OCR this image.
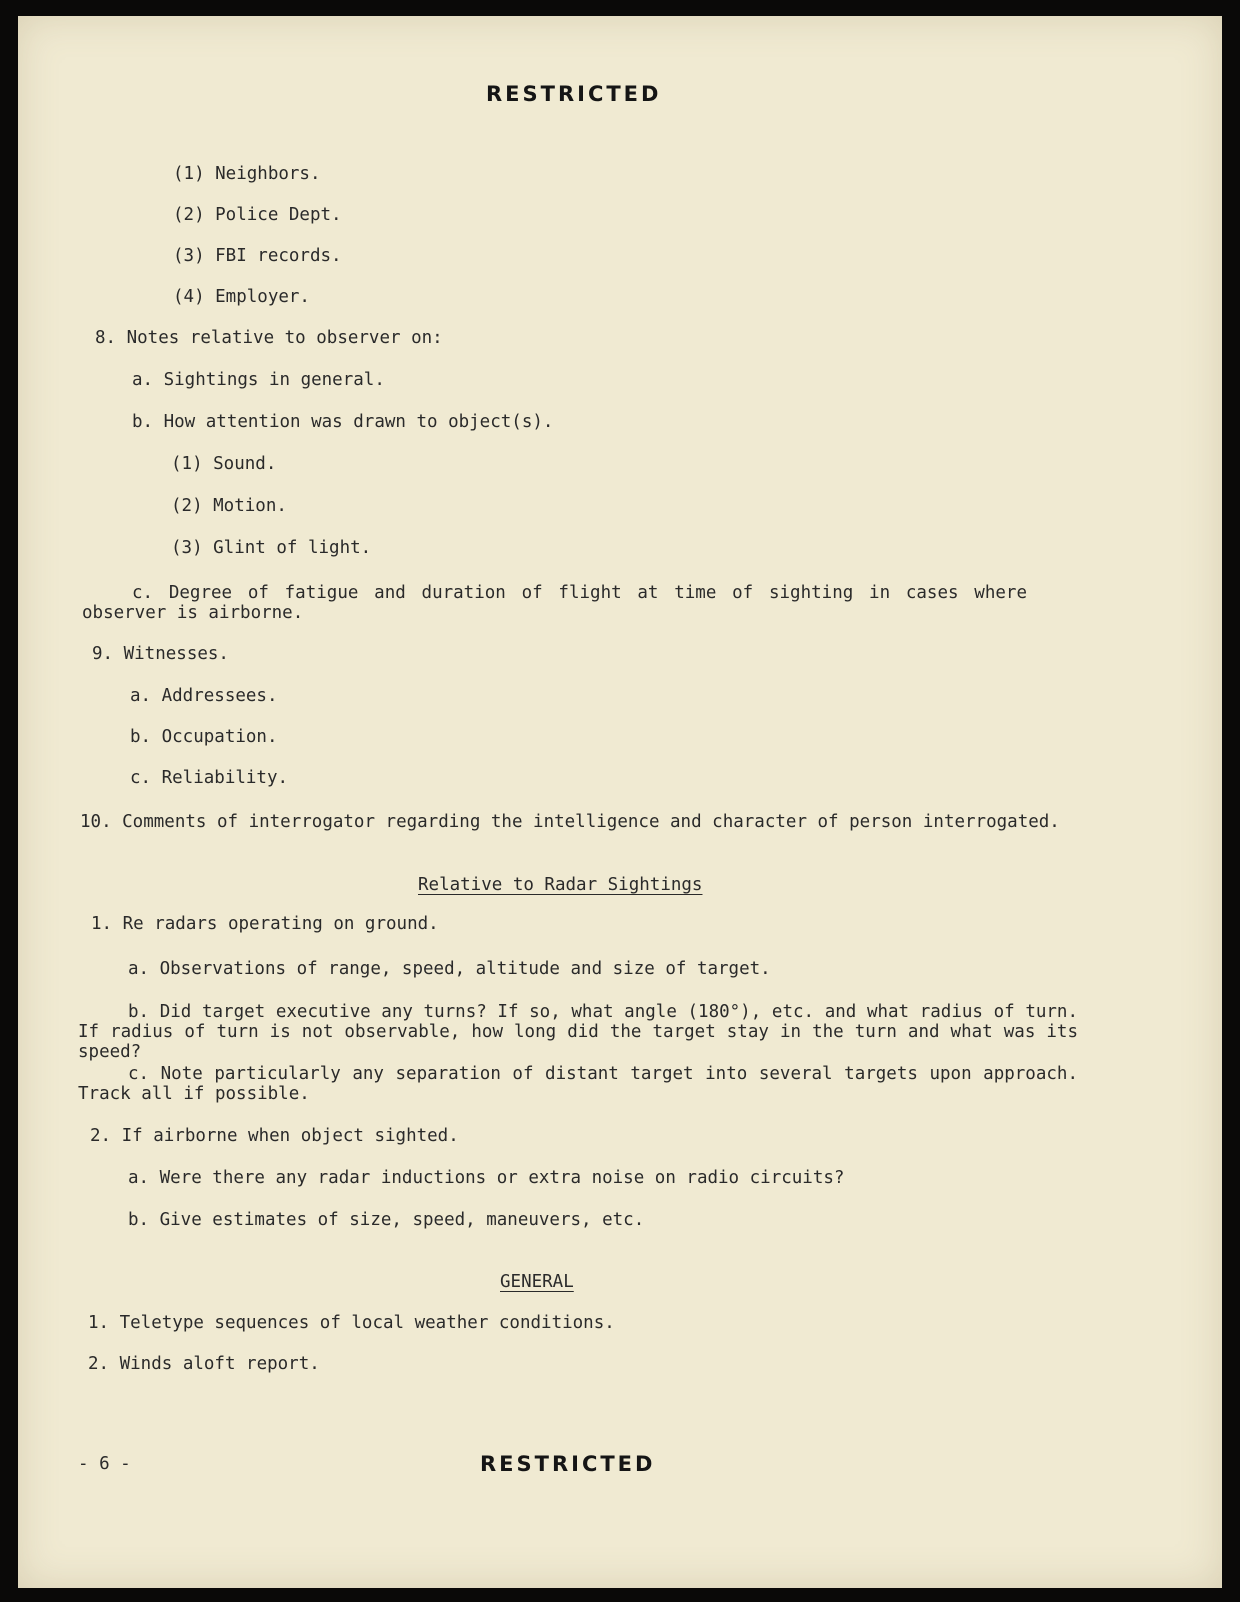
RESTRICTED
(1) Neighbors.
(2) Police Dept.
(3) FBI records.
(4) Employer.
8. Notes relative to observer on:
a. Sightings in general.
b. How attention was drawn to object(s).
(1) Sound.
(2) Motion.
(3) Glint of light.
c. Degree of fatigue and duration of flight at time of sighting in cases where observer is airborne.
9. Witnesses.
a. Addressees.
b. Occupation.
c. Reliability.
10. Comments of interrogator regarding the intelligence and character of person interrogated.
Relative to Radar Sightings
1. Re radars operating on ground.
a. Observations of range, speed, altitude and size of target.
b. Did target executive any turns? If so, what angle (180°), etc. and what radius of turn. If radius of turn is not observable, how long did the target stay in the turn and what was its speed?
c. Note particularly any separation of distant target into several targets upon approach. Track all if possible.
2. If airborne when object sighted.
a. Were there any radar inductions or extra noise on radio circuits?
b. Give estimates of size, speed, maneuvers, etc.
GENERAL
1. Teletype sequences of local weather conditions.
2. Winds aloft report.
- 6 -	RESTRICTED
